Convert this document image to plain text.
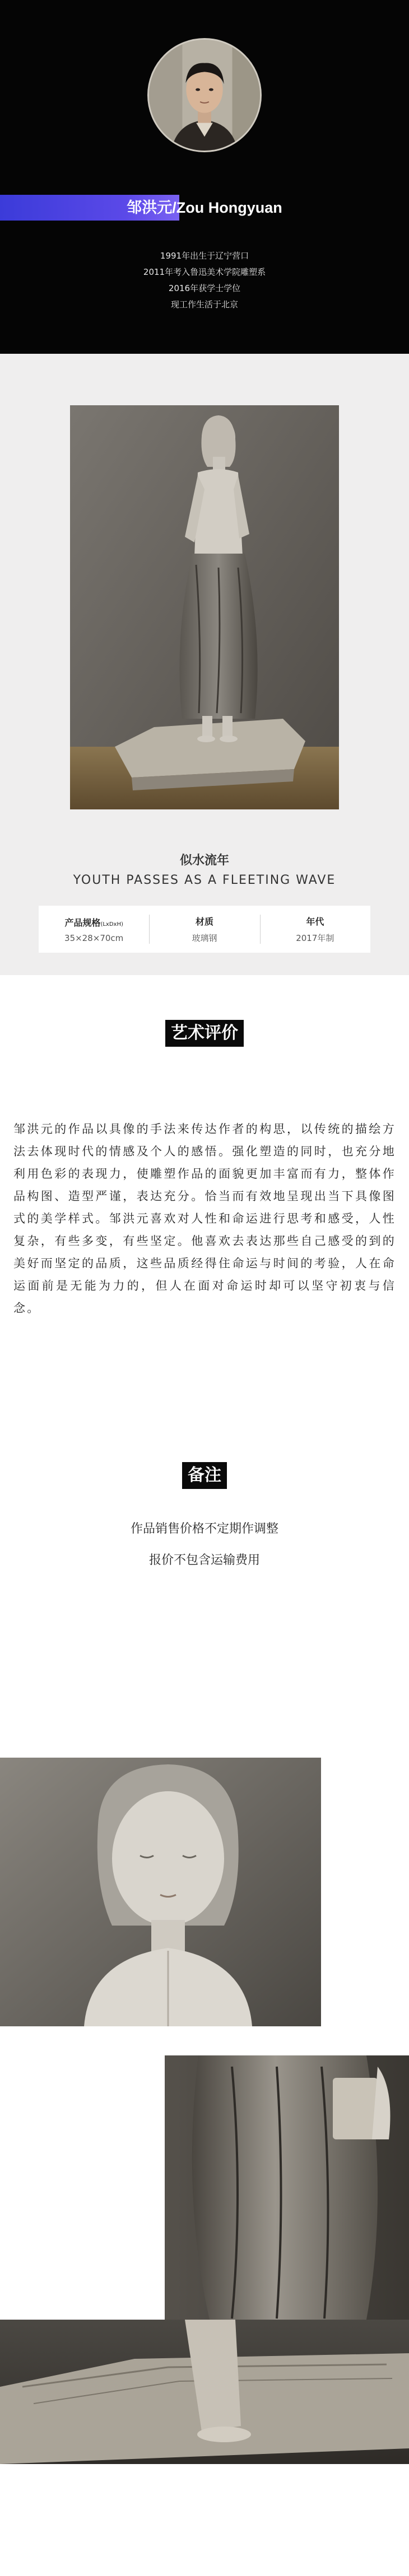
邹洪元/Zou Hongyuan
1991年出生于辽宁营口
2011年考入鲁迅美术学院雕塑系
2016年获学士学位
现工作生活于北京
似水流年
YOUTH PASSES AS A FLEETING WAVE
产品规格(LxDxH)
35×28×70cm
材质
玻璃钢
年代
2017年制
艺术评价

邹洪元的作品以具像的手法来传达作者的构思，以传统的描绘方法去体现时代的情感及个人的感悟。强化塑造的同时，也充分地利用色彩的表现力，使雕塑作品的面貌更加丰富而有力，整体作品构图、造型严谨，表达充分。恰当而有效地呈现出当下具像图式的美学样式。邹洪元喜欢对人性和命运进行思考和感受，人性复杂，有些多变，有些坚定。他喜欢去表达那些自己感受的到的美好而坚定的品质，这些品质经得住命运与时间的考验，人在命运面前是无能为力的，但人在面对命运时却可以坚守初衷与信念。

备注
作品销售价格不定期作调整
报价不包含运输费用
